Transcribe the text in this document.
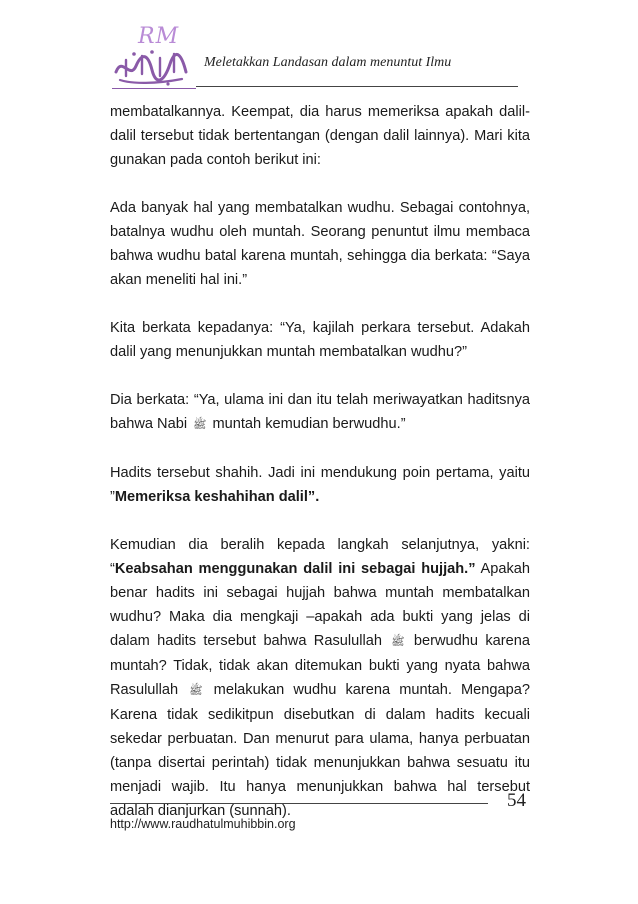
RM
Meletakkan Landasan dalam menuntut Ilmu

membatalkannya. Keempat, dia harus memeriksa apakah dalil-dalil tersebut tidak bertentangan (dengan dalil lainnya). Mari kita gunakan pada contoh berikut ini:

Ada banyak hal yang membatalkan wudhu. Sebagai contohnya, batalnya wudhu oleh muntah. Seorang penuntut ilmu membaca bahwa wudhu batal karena muntah, sehingga dia berkata: “Saya akan meneliti hal ini.”

Kita berkata kepadanya: “Ya, kajilah perkara tersebut. Adakah dalil yang menunjukkan muntah membatalkan wudhu?”

Dia berkata: “Ya, ulama ini dan itu telah meriwayatkan haditsnya bahwa Nabi ﷺ muntah kemudian berwudhu.”

Hadits tersebut shahih. Jadi ini mendukung poin pertama, yaitu ”Memeriksa keshahihan dalil”.

Kemudian dia beralih kepada langkah selanjutnya, yakni: “Keabsahan menggunakan dalil ini sebagai hujjah.” Apakah benar hadits ini sebagai hujjah bahwa muntah membatalkan wudhu? Maka dia mengkaji –apakah ada bukti yang jelas di dalam hadits tersebut bahwa Rasulullah ﷺ berwudhu karena muntah? Tidak, tidak akan ditemukan bukti yang nyata bahwa Rasulullah ﷺ melakukan wudhu karena muntah. Mengapa? Karena tidak sedikitpun disebutkan di dalam hadits kecuali sekedar perbuatan. Dan menurut para ulama, hanya perbuatan (tanpa disertai perintah) tidak menunjukkan bahwa sesuatu itu menjadi wajib. Itu hanya menunjukkan bahwa hal tersebut adalah dianjurkan (sunnah).	54
http://www.raudhatulmuhibbin.org
